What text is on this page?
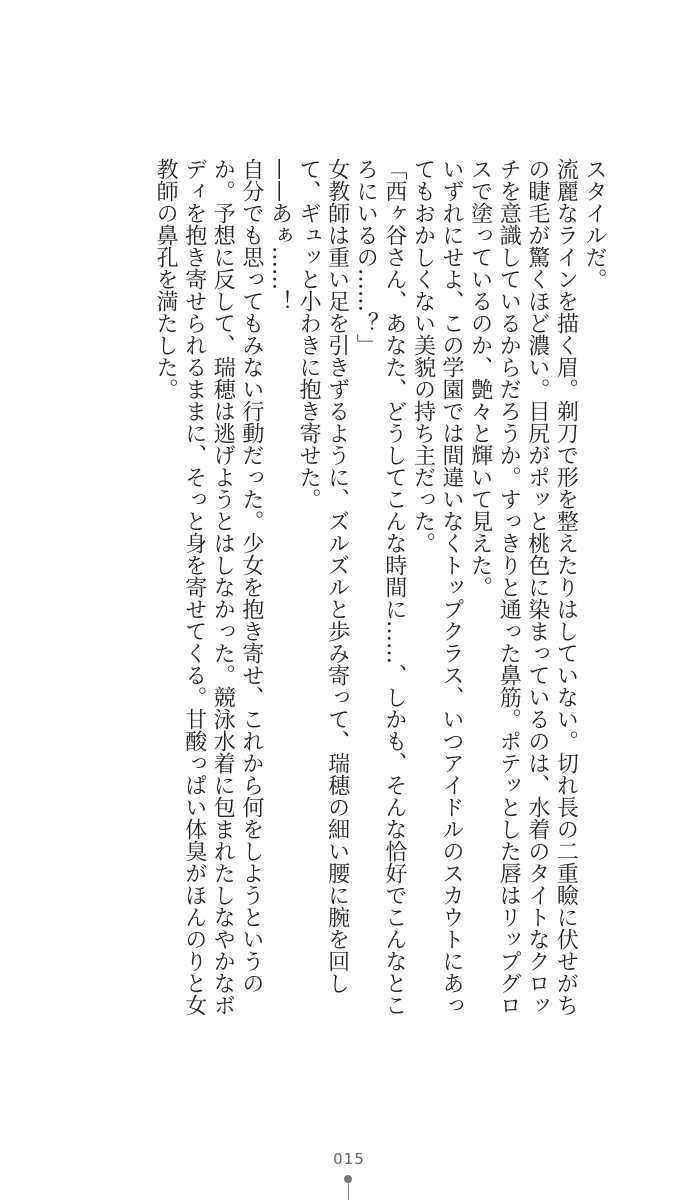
スタイルだ。

流麗なラインを描く眉。剃刀で形を整えたりはしていない。切れ長の二重瞼に伏せがちの睫毛が驚くほど濃い。目尻がポッと桃色に染まっているのは、水着のタイトなクロッチを意識しているからだろうか。すっきりと通った鼻筋。ポテッとした唇はリップグロスで塗っているのか、艶々と輝いて見えた。

いずれにせよ、この学園では間違いなくトップクラス、いつアイドルのスカウトにあってもおかしくない美貌の持ち主だった。

「西ヶ谷さん、あなた、どうしてこんな時間に……、しかも、そんな恰好でこんなところにいるの……？」

女教師は重い足を引きずるように、ズルズルと歩み寄って、瑞穂の細い腰に腕を回して、ギュッと小わきに抱き寄せた。

——あぁ……！

自分でも思ってもみない行動だった。少女を抱き寄せ、これから何をしようというのか。予想に反して、瑞穂は逃げようとはしなかった。競泳水着に包まれたしなやかなボディを抱き寄せられるままに、そっと身を寄せてくる。甘酸っぱい体臭がほんのりと女教師の鼻孔を満たした。

015
